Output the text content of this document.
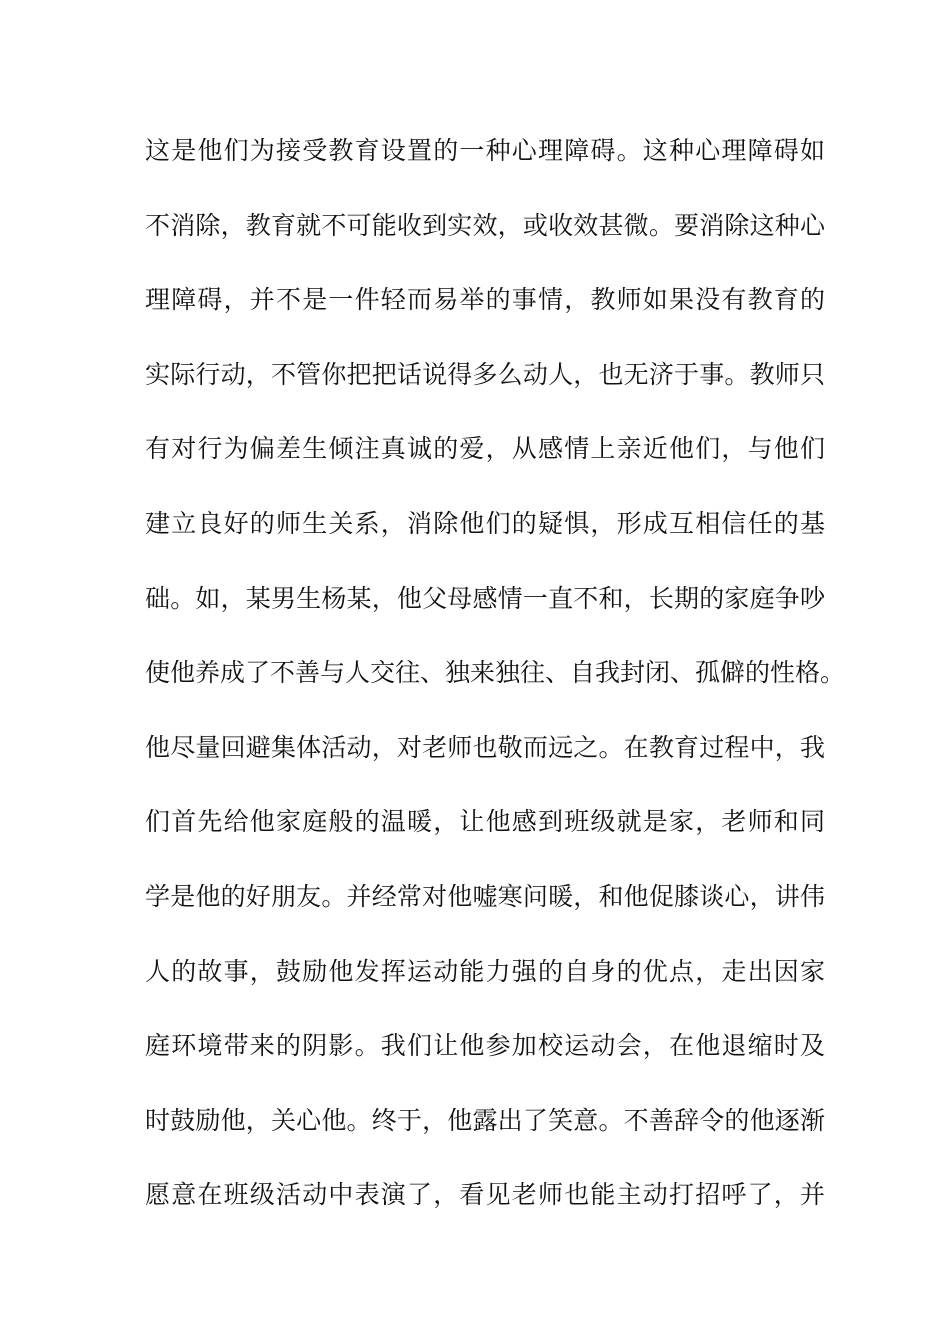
这是他们为接受教育设置的一种心理障碍。这种心理障碍如
不消除，教育就不可能收到实效，或收效甚微。要消除这种心
理障碍，并不是一件轻而易举的事情，教师如果没有教育的
实际行动，不管你把把话说得多么动人，也无济于事。教师只
有对行为偏差生倾注真诚的爱，从感情上亲近他们，与他们
建立良好的师生关系，消除他们的疑惧，形成互相信任的基
础。如，某男生杨某，他父母感情一直不和，长期的家庭争吵
使他养成了不善与人交往、独来独往、自我封闭、孤僻的性格。
他尽量回避集体活动，对老师也敬而远之。在教育过程中，我
们首先给他家庭般的温暖，让他感到班级就是家，老师和同
学是他的好朋友。并经常对他嘘寒问暖，和他促膝谈心，讲伟
人的故事，鼓励他发挥运动能力强的自身的优点，走出因家
庭环境带来的阴影。我们让他参加校运动会，在他退缩时及
时鼓励他，关心他。终于，他露出了笑意。不善辞令的他逐渐
愿意在班级活动中表演了，看见老师也能主动打招呼了，并
